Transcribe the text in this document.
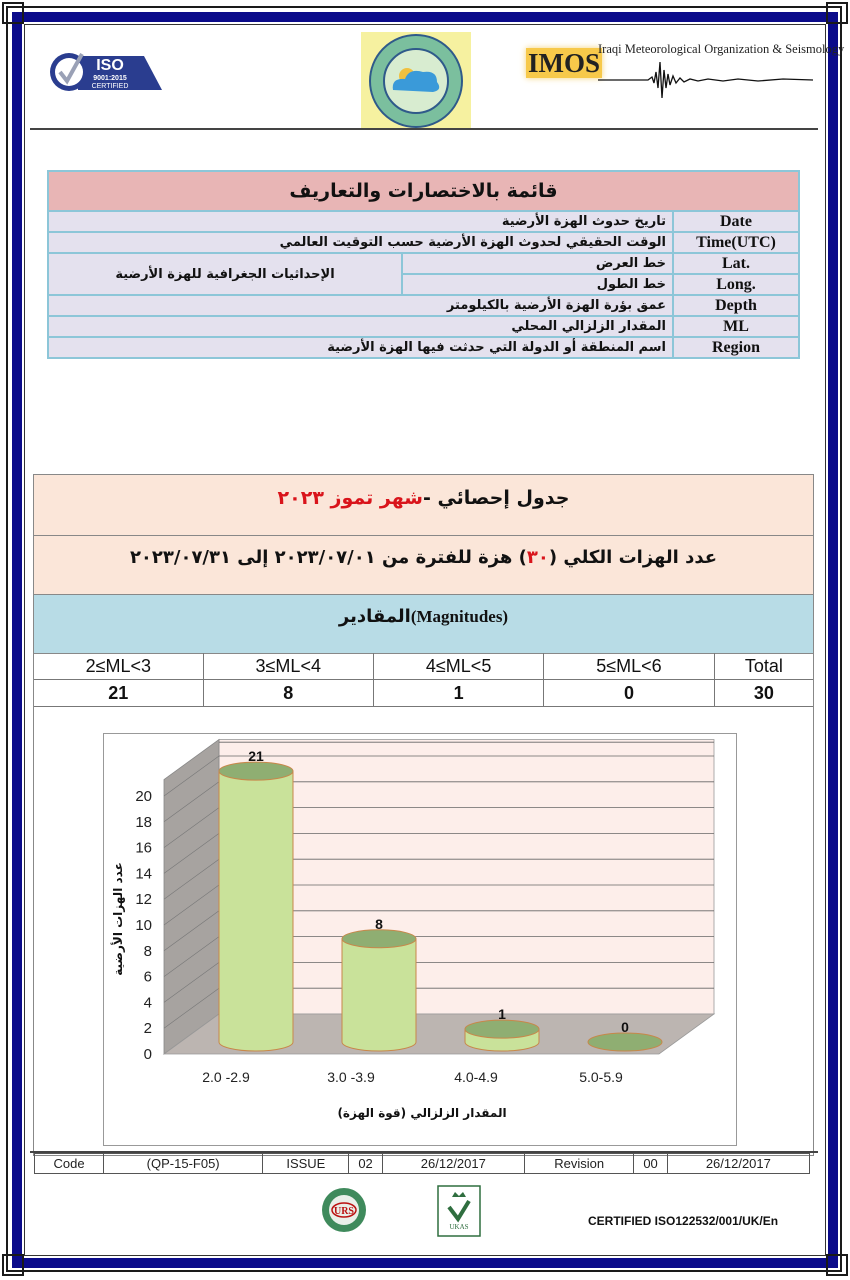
ISO
9001:2015
CERTIFIED
IMOS
Iraqi Meteorological Organization & Seismology
قائمة بالاختصارات والتعاريف		
تاريخ حدوث الهزة الأرضية		Date
الوقت الحقيقي لحدوث الهزة الأرضية حسب التوقيت العالمي		Time(UTC)
الإحداثيات الجغرافية للهزة الأرضية	خط العرض	Lat.
	خط الطول	Long.
عمق بؤرة الهزة الأرضية بالكيلومتر		Depth
المقدار الزلزالي المحلي		ML
اسم المنطقة أو الدولة التي حدثت فيها الهزة الأرضية		Region
جدول إحصائي -شهر تموز ٢٠٢٣
عدد الهزات الكلي (٣٠) هزة للفترة من ٢٠٢٣/٠٧/٠١ إلى ٢٠٢٣/٠٧/٣١
المقادير(Magnitudes)
2≤ML<3	3≤ML<4	4≤ML<5	5≤ML<6	Total
21	8	1	0	30
0
2
4
6
8
10
12
14
16
18
20
21
8
1
0
2.0 -2.9	3.0 -3.9	4.0-4.9	5.0-5.9
عدد الهزات الأرضية
المقدار الزلزالي (قوة الهزة)
Code	(QP-15-F05)	ISSUE	02	26/12/2017	Revision	00	26/12/2017
URS
UKAS	CERTIFIED ISO122532/001/UK/En
